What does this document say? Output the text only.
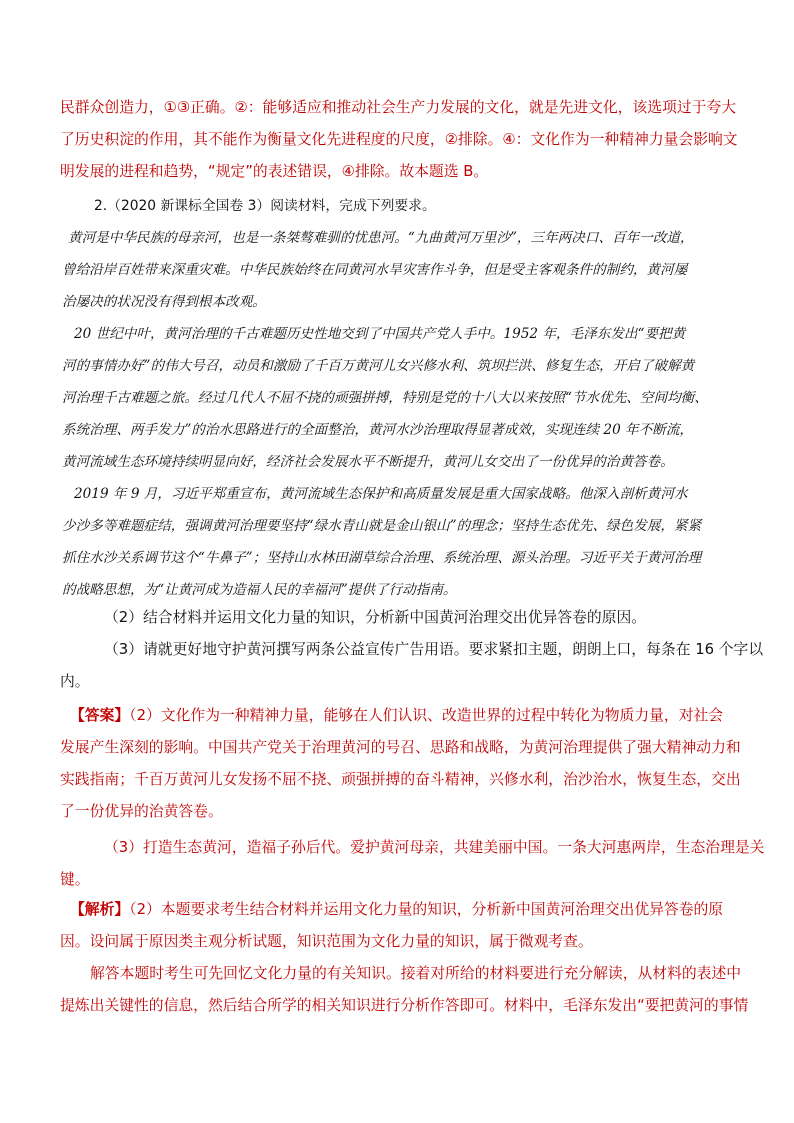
民群众创造力，①③正确。②：能够适应和推动社会生产力发展的文化，就是先进文化，该选项过于夸大
了历史积淀的作用，其不能作为衡量文化先进程度的尺度，②排除。④：文化作为一种精神力量会影响文
明发展的进程和趋势，“规定”的表述错误，④排除。故本题选 B。
2.（2020 新课标全国卷 3）阅读材料，完成下列要求。
黄河是中华民族的母亲河，也是一条桀骜难驯的忧患河。“九曲黄河万里沙”，三年两决口、百年一改道，
曾给沿岸百姓带来深重灾难。中华民族始终在同黄河水旱灾害作斗争，但是受主客观条件的制约，黄河屡
治屡决的状况没有得到根本改观。
20 世纪中叶，黄河治理的千古难题历史性地交到了中国共产党人手中。1952 年，毛泽东发出“要把黄
河的事情办好”的伟大号召，动员和激励了千百万黄河儿女兴修水利、筑坝拦洪、修复生态，开启了破解黄
河治理千古难题之旅。经过几代人不屈不挠的顽强拼搏，特别是党的十八大以来按照“节水优先、空间均衡、
系统治理、两手发力”的治水思路进行的全面整治，黄河水沙治理取得显著成效，实现连续 20 年不断流，
黄河流域生态环境持续明显向好，经济社会发展水平不断提升，黄河儿女交出了一份优异的治黄答卷。
2019 年 9 月，习近平郑重宣布，黄河流域生态保护和高质量发展是重大国家战略。他深入剖析黄河水
少沙多等难题症结，强调黄河治理要坚持“绿水青山就是金山银山”的理念；坚持生态优先、绿色发展，紧紧
抓住水沙关系调节这个“牛鼻子”；坚持山水林田湖草综合治理、系统治理、源头治理。习近平关于黄河治理
的战略思想，为“让黄河成为造福人民的幸福河”提供了行动指南。
（2）结合材料并运用文化力量的知识，分析新中国黄河治理交出优异答卷的原因。
（3）请就更好地守护黄河撰写两条公益宣传广告用语。要求紧扣主题，朗朗上口，每条在 16 个字以
内。
【答案】（2）文化作为一种精神力量，能够在人们认识、改造世界的过程中转化为物质力量，对社会
发展产生深刻的影响。中国共产党关于治理黄河的号召、思路和战略，为黄河治理提供了强大精神动力和
实践指南；千百万黄河儿女发扬不屈不挠、顽强拼搏的奋斗精神，兴修水利，治沙治水，恢复生态，交出
了一份优异的治黄答卷。
（3）打造生态黄河，造福子孙后代。爱护黄河母亲，共建美丽中国。一条大河惠两岸，生态治理是关
键。
【解析】（2）本题要求考生结合材料并运用文化力量的知识，分析新中国黄河治理交出优异答卷的原
因。设问属于原因类主观分析试题，知识范围为文化力量的知识，属于微观考查。
解答本题时考生可先回忆文化力量的有关知识。接着对所给的材料要进行充分解读，从材料的表述中
提炼出关键性的信息，然后结合所学的相关知识进行分析作答即可。材料中，毛泽东发出“要把黄河的事情
